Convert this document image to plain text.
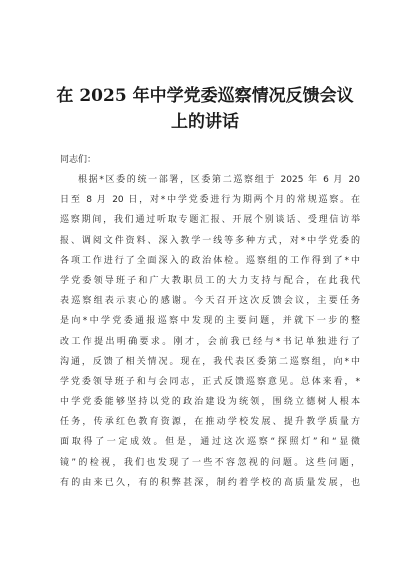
在 2025 年中学党委巡察情况反馈会议
上的讲话
同志们：
根据*区委的统一部署，区委第二巡察组于 2025 年 6 月 20
日至 8 月 20 日，对*中学党委进行为期两个月的常规巡察。在
巡察期间，我们通过听取专题汇报、开展个别谈话、受理信访举
报、调阅文件资料、深入教学一线等多种方式，对*中学党委的
各项工作进行了全面深入的政治体检。巡察组的工作得到了*中
学党委领导班子和广大教职员工的大力支持与配合，在此我代
表巡察组表示衷心的感谢。今天召开这次反馈会议，主要任务
是向*中学党委通报巡察中发现的主要问题，并就下一步的整
改工作提出明确要求。刚才，会前我已经与*书记单独进行了
沟通，反馈了相关情况。现在，我代表区委第二巡察组，向*中
学党委领导班子和与会同志，正式反馈巡察意见。总体来看，*
中学党委能够坚持以党的政治建设为统领，围绕立德树人根本
任务，传承红色教育资源，在推动学校发展、提升教学质量方
面取得了一定成效。但是，通过这次巡察“探照灯”和“显微
镜”的检视，我们也发现了一些不容忽视的问题。这些问题，
有的由来已久，有的积弊甚深，制约着学校的高质量发展，也
